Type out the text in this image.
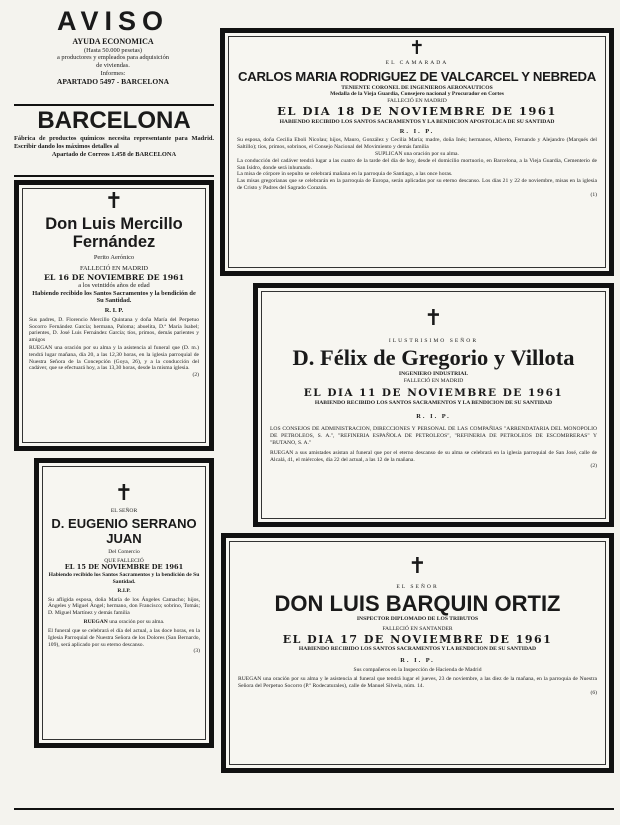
AVISO
AYUDA ECONOMICA
(Hasta 50.000 pesetas)
a productores y empleados para adquisición
de viviendas.
Informes:
APARTADO 5497 - BARCELONA
BARCELONA
Fábrica de productos químicos necesita representante para Madrid. Escribir dando los máximos detalles al
Apartado de Correos 1.458 de BARCELONA
✝
Don Luis Mercillo
Fernández
Perito Aerónico
FALLECIÓ EN MADRID
EL 16 DE NOVIEMBRE DE 1961
a los veintidós años de edad
Habiendo recibido los Santos Sacramentos y la bendición de Su Santidad.
R. I. P.
Sus padres, D. Florencio Mercillo Quintana y doña María del Perpetuo Socorro Fernández García; hermana, Paloma; abuelita, D.ª María Isabel; parientes, D. José Luis Fernández García; tíos, primos, demás parientes y amigos
RUEGAN una oración por su alma y la asistencia al funeral que (D. m.) tendrá lugar mañana, día 20, a las 12,30 horas, en la iglesia parroquial de Nuestra Señora de la Concepción (Goya, 26), y a la conducción del cadáver, que se efectuará hoy, a las 13,30 horas, desde la misma iglesia.
(2)
✝
EL SEÑOR
D. EUGENIO SERRANO
JUAN
Del Comercio
QUE FALLECIÓ
EL 15 DE NOVIEMBRE DE 1961
Habiendo recibido los Santos Sacramentos y la bendición de Su Santidad.
R.I.P.
Su afligida esposa, doña María de los Ángeles Camacho; hijos, Ángeles y Miguel Ángel; hermano, don Francisco; sobrino, Tomás; D. Miguel Martínez y demás familia
RUEGAN una oración por su alma.
El funeral que se celebrará el día del actual, a las doce horas, en la Iglesia Parroquial de Nuestra Señora de los Dolores (San Bernardo, 109), será aplicado por su eterno descanso.
(3)
✝
EL CAMARADA
CARLOS MARIA RODRIGUEZ DE VALCARCEL Y NEBREDA
TENIENTE CORONEL DE INGENIEROS AERONAUTICOS
Medalla de la Vieja Guardia, Consejero nacional y Procurador en Cortes
FALLECIÓ EN MADRID
EL DIA 18 DE NOVIEMBRE DE 1961
HABIENDO RECIBIDO LOS SANTOS SACRAMENTOS Y LA BENDICION APOSTOLICA DE SU SANTIDAD
R. I. P.
Su esposa, doña Cecilia Eboli Nicolau; hijos, Mauro, González y Cecilia María; madre, doña Inés; hermanos, Alberto, Fernando y Alejandro (Marqués del Saltillo); tíos, primos, sobrinos, el Consejo Nacional del Movimiento y demás familia
SUPLICAN una oración por su alma.
La conducción del cadáver tendrá lugar a las cuatro de la tarde del día de hoy, desde el domicilio mortuorio, en Barcelona, a la Vieja Guardia, Cementerio de San Isidro, donde será inhumado.
La misa de córpore in sepulto se celebrará mañana en la parroquia de Santiago, a las once horas.
Las misas gregorianas que se celebrarán en la parroquia de Europa, serán aplicadas por su eterno descanso. Los días 21 y 22 de noviembre, misas en la iglesia de Cristo y Padres del Sagrado Corazón.
(1)
✝
ILUSTRISIMO SEÑOR
D. Félix de Gregorio y Villota
INGENIERO INDUSTRIAL
FALLECIÓ EN MADRID
EL DIA 11 DE NOVIEMBRE DE 1961
HABIENDO RECIBIDO LOS SANTOS SACRAMENTOS Y LA BENDICION DE SU SANTIDAD
R. I. P.
LOS CONSEJOS DE ADMINISTRACION, DIRECCIONES Y PERSONAL DE LAS COMPAÑIAS "ARRENDATARIA DEL MONOPOLIO DE PETROLEOS, S. A.", "REFINERIA ESPAÑOLA DE PETROLEOS", "REFINERIA DE PETROLEOS DE ESCOMBRERAS" Y "BUTANO, S. A."
RUEGAN a sus amistades asistan al funeral que por el eterno descanso de su alma se celebrará en la iglesia parroquial de San José, calle de Alcalá, 41, el miércoles, día 22 del actual, a las 12 de la mañana.
(2)
✝
EL SEÑOR
DON LUIS BARQUIN ORTIZ
INSPECTOR DIPLOMADO DE LOS TRIBUTOS
FALLECIÓ EN SANTANDER
EL DIA 17 DE NOVIEMBRE DE 1961
HABIENDO RECIBIDO LOS SANTOS SACRAMENTOS Y LA BENDICION DE SU SANTIDAD
R. I. P.
Sus compañeros en la Inspección de Hacienda de Madrid
RUEGAN una oración por su alma y le asistencia al funeral que tendrá lugar el jueves, 23 de noviembre, a las diez de la mañana, en la parroquia de Nuestra Señora del Perpetuo Socorro (P.º Rodecaturales), calle de Manuel Silvela, núm. 14.
(6)
